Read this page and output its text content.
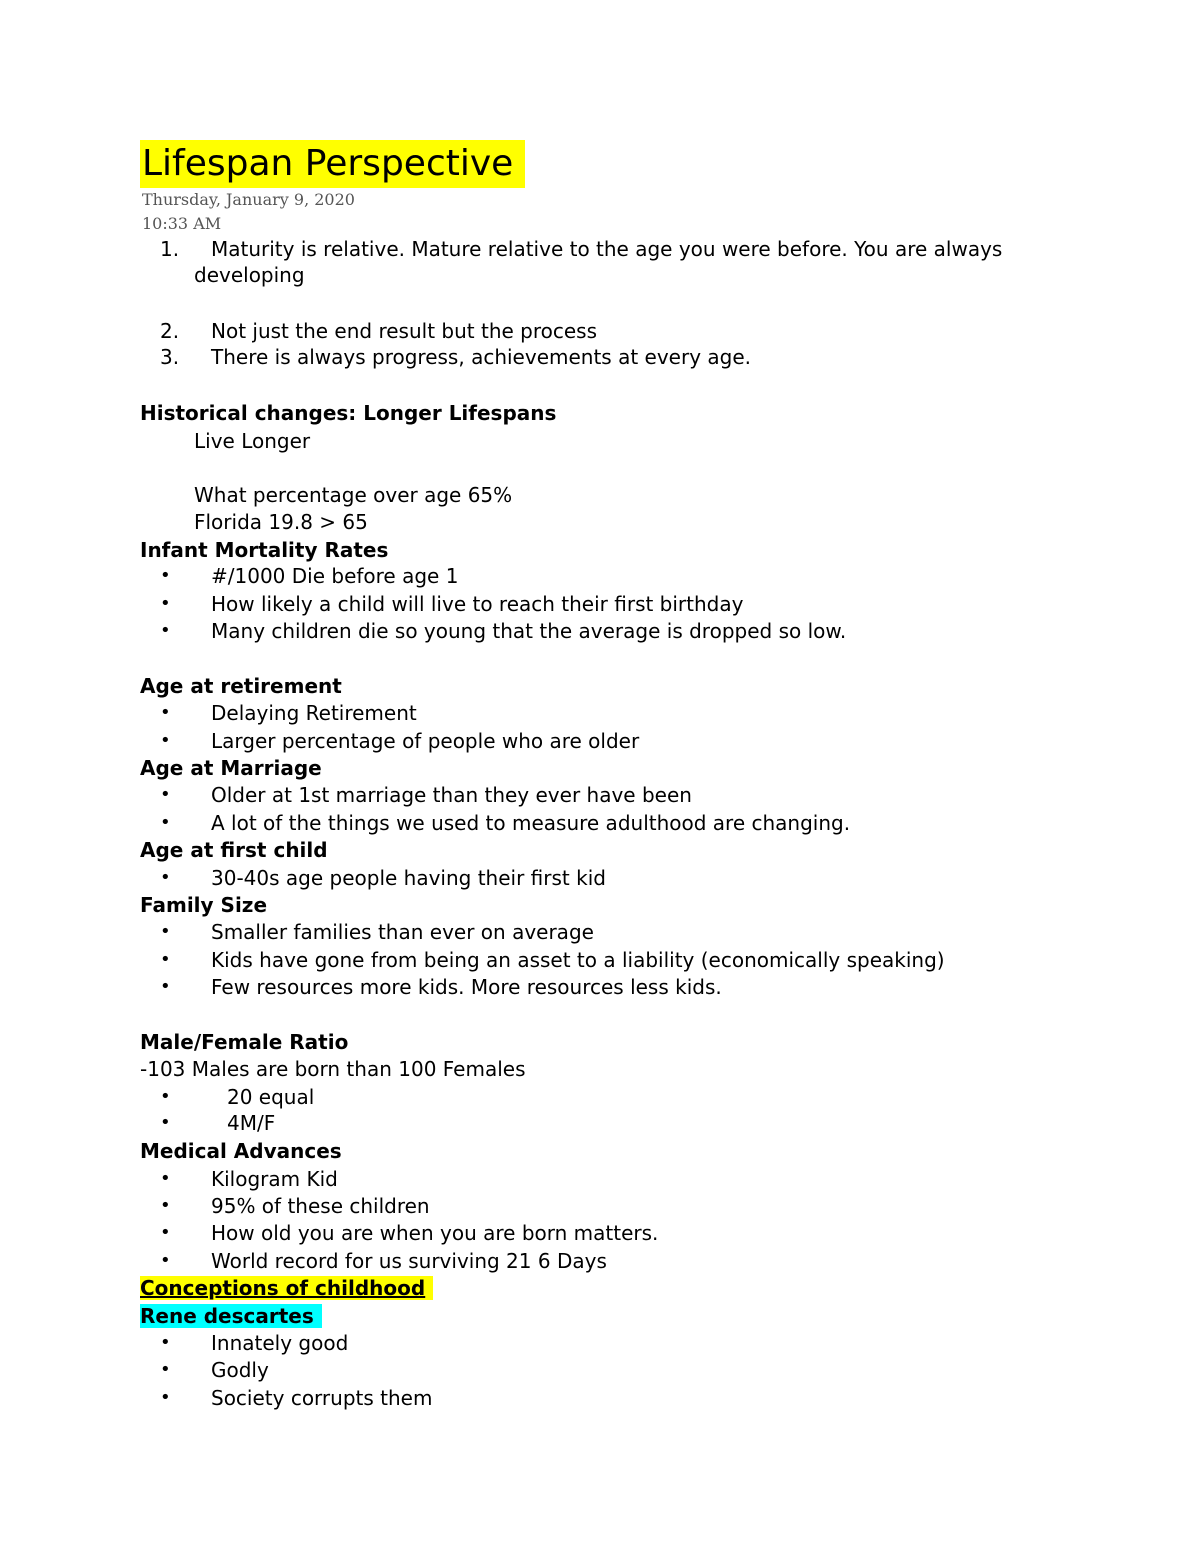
Lifespan Perspective
Thursday, January 9, 2020
10:33 AM
1. Maturity is relative. Mature relative to the age you were before. You are always
developing
2. Not just the end result but the process
3. There is always progress, achievements at every age.
Historical changes: Longer Lifespans
Live Longer
What percentage over age 65%
Florida 19.8 > 65
Infant Mortality Rates
• #/1000 Die before age 1
• How likely a child will live to reach their first birthday
• Many children die so young that the average is dropped so low.
Age at retirement
• Delaying Retirement
• Larger percentage of people who are older
Age at Marriage
• Older at 1st marriage than they ever have been
• A lot of the things we used to measure adulthood are changing.
Age at first child
• 30-40s age people having their first kid
Family Size
• Smaller families than ever on average
• Kids have gone from being an asset to a liability (economically speaking)
• Few resources more kids. More resources less kids.
Male/Female Ratio
-103 Males are born than 100 Females
•	20 equal
•	4M/F
Medical Advances
• Kilogram Kid
• 95% of these children
• How old you are when you are born matters.
• World record for us surviving 21 6 Days
Conceptions of childhood
Rene descartes
• Innately good
• Godly
• Society corrupts them
